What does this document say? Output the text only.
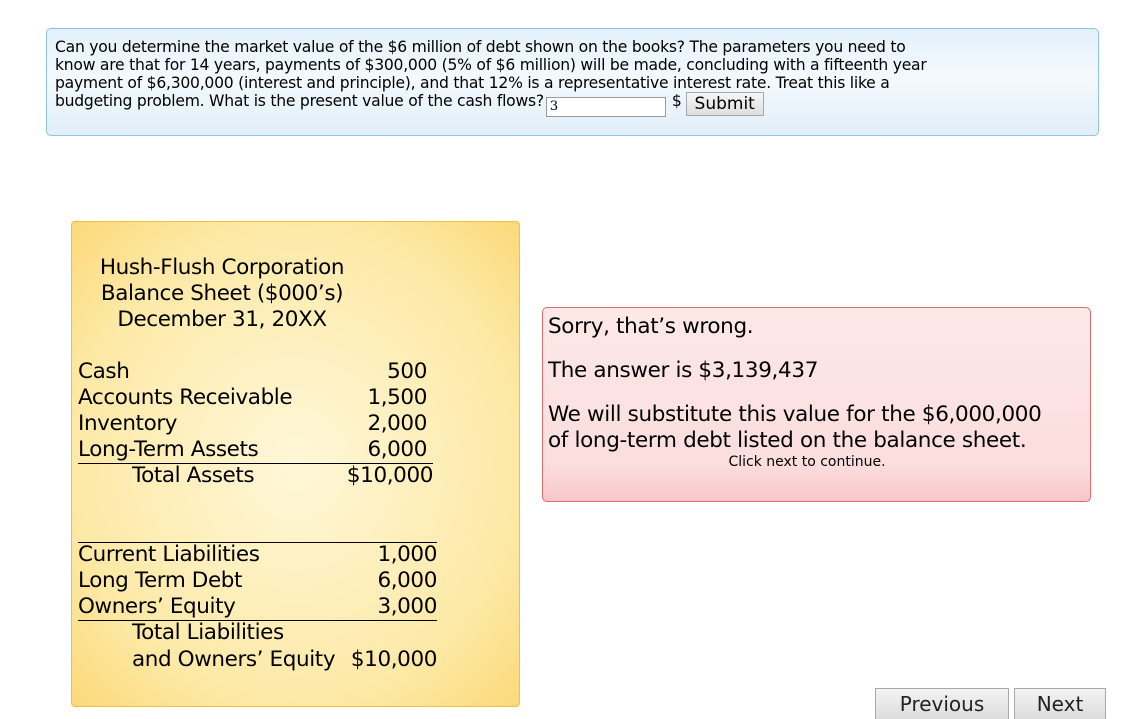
Can you determine the market value of the $6 million of debt shown on the books? The parameters you need to
know are that for 14 years, payments of $300,000 (5% of $6 million) will be made, concluding with a fifteenth year
payment of $6,300,000 (interest and principle), and that 12% is a representative interest rate. Treat this like a
budgeting problem. What is the present value of the cash flows? 3	$ Submit
Hush-Flush Corporation
Balance Sheet ($000’s)
December 31, 20XX
Cash	500
Accounts Receivable	1,500
Inventory	2,000
Long-Term Assets	6,000
Total Assets	$10,000
Current Liabilities	1,000
Long Term Debt	6,000
Owners’ Equity	3,000
Total Liabilities
and Owners’ Equity $10,000
Sorry, that’s wrong.
The answer is $3,139,437
We will substitute this value for the $6,000,000
of long-term debt listed on the balance sheet.
Click next to continue.
Previous	Next
